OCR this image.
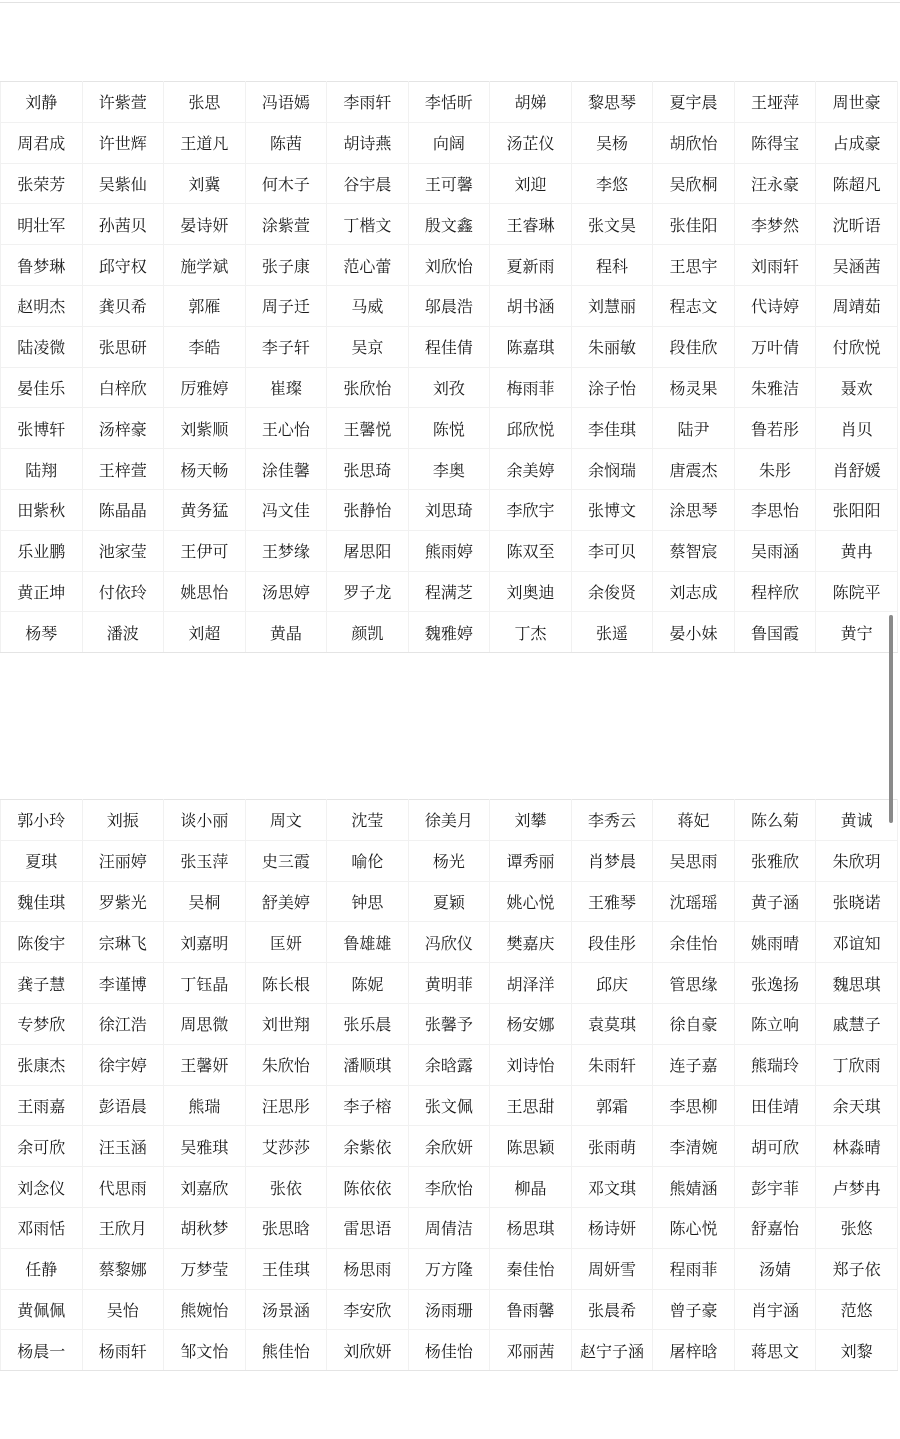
刘静	许紫萱	张思	冯语嫣	李雨轩	李恬昕	胡娣	黎思琴	夏宇晨	王垭萍	周世豪
周君成	许世辉	王道凡	陈茜	胡诗燕	向阔	汤芷仪	吴杨	胡欣怡	陈得宝	占成豪
张荣芳	吴紫仙	刘冀	何木子	谷宇晨	王可馨	刘迎	李悠	吴欣桐	汪永豪	陈超凡
明壮军	孙茜贝	晏诗妍	涂紫萱	丁楷文	殷文鑫	王睿琳	张文昊	张佳阳	李梦然	沈昕语
鲁梦琳	邱守权	施学斌	张子康	范心蕾	刘欣怡	夏新雨	程科	王思宇	刘雨轩	吴涵茜
赵明杰	龚贝希	郭雁	周子迁	马威	邬晨浩	胡书涵	刘慧丽	程志文	代诗婷	周靖茹
陆凌微	张思研	李皓	李子轩	吴京	程佳倩	陈嘉琪	朱丽敏	段佳欣	万叶倩	付欣悦
晏佳乐	白梓欣	厉雅婷	崔璨	张欣怡	刘孜	梅雨菲	涂子怡	杨灵果	朱雅洁	聂欢
张博轩	汤梓豪	刘紫顺	王心怡	王馨悦	陈悦	邱欣悦	李佳琪	陆尹	鲁若彤	肖贝
陆翔	王梓萱	杨天畅	涂佳馨	张思琦	李奥	余美婷	余悯瑞	唐震杰	朱彤	肖舒媛
田紫秋	陈晶晶	黄务猛	冯文佳	张静怡	刘思琦	李欣宇	张博文	涂思琴	李思怡	张阳阳
乐业鹏	池家莹	王伊可	王梦缘	屠思阳	熊雨婷	陈双至	李可贝	蔡智宸	吴雨涵	黄冉
黄正坤	付依玲	姚思怡	汤思婷	罗子龙	程满芝	刘奥迪	余俊贤	刘志成	程梓欣	陈院平
杨琴	潘波	刘超	黄晶	颜凯	魏雅婷	丁杰	张遥	晏小妹	鲁国霞	黄宁
郭小玲	刘振	谈小丽	周文	沈莹	徐美月	刘攀	李秀云	蒋妃	陈么菊	黄诚
夏琪	汪丽婷	张玉萍	史三霞	喻伦	杨光	谭秀丽	肖梦晨	吴思雨	张雅欣	朱欣玥
魏佳琪	罗紫光	吴桐	舒美婷	钟思	夏颖	姚心悦	王雅琴	沈瑶瑶	黄子涵	张晓诺
陈俊宇	宗琳飞	刘嘉明	匡妍	鲁雄雄	冯欣仪	樊嘉庆	段佳彤	余佳怡	姚雨晴	邓谊知
龚子慧	李谨博	丁钰晶	陈长根	陈妮	黄明菲	胡泽洋	邱庆	管思缘	张逸扬	魏思琪
专梦欣	徐江浩	周思微	刘世翔	张乐晨	张馨予	杨安娜	袁莫琪	徐自豪	陈立响	戚慧子
张康杰	徐宇婷	王馨妍	朱欣怡	潘顺琪	余晗露	刘诗怡	朱雨轩	连子嘉	熊瑞玲	丁欣雨
王雨嘉	彭语晨	熊瑞	汪思彤	李子榕	张文佩	王思甜	郭霜	李思柳	田佳靖	余天琪
余可欣	汪玉涵	吴雅琪	艾莎莎	余紫依	余欣妍	陈思颖	张雨萌	李清婉	胡可欣	林淼晴
刘念仪	代思雨	刘嘉欣	张依	陈依依	李欣怡	柳晶	邓文琪	熊婧涵	彭宇菲	卢梦冉
邓雨恬	王欣月	胡秋梦	张思晗	雷思语	周倩洁	杨思琪	杨诗妍	陈心悦	舒嘉怡	张悠
任静	蔡黎娜	万梦莹	王佳琪	杨思雨	万方隆	秦佳怡	周妍雪	程雨菲	汤婧	郑子依
黄佩佩	吴怡	熊婉怡	汤景涵	李安欣	汤雨珊	鲁雨馨	张晨希	曾子豪	肖宇涵	范悠
杨晨一	杨雨轩	邹文怡	熊佳怡	刘欣妍	杨佳怡	邓丽茜	赵宁子涵	屠梓晗	蒋思文	刘黎
